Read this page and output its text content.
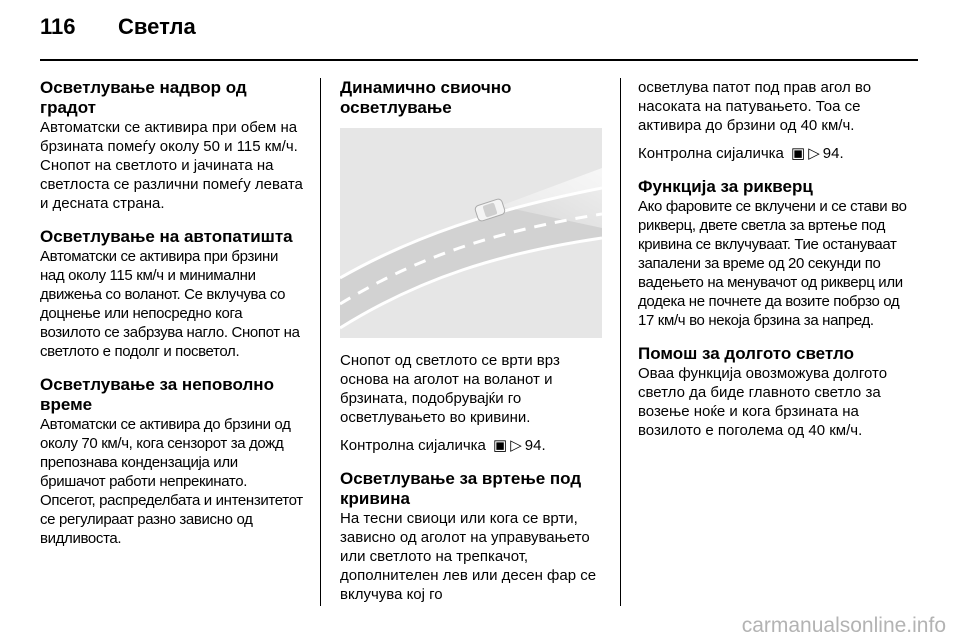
116	Светла
Осветлување надвор од градот

Автоматски се активира при обем на брзината помеѓу околу 50 и 115 км/ч. Снопот на светлото и јачината на светлоста се различни помеѓу левата и десната страна.

Осветлување на автопатишта

Автоматски се активира при брзини над околу 115 км/ч и минимални движења со воланот. Се вклучува со доцнење или непосредно кога возилото се забрзува нагло. Снопот на светлото е подолг и посветол.

Осветлување за неповолно време

Автоматски се активира до брзини од околу 70 км/ч, кога сензорот за дожд препознава кондензација или бришачот работи непрекинато. Опсегот, распределбата и интензитетот се регулираат разно зависно од видливоста.

Динамично свиочно осветлување

Снопот од светлото се врти врз основа на аголот на воланот и брзината, подобрувајќи го осветлувањето во кривини.

Контролна сијаличка  ▣ ▷ 94.

Осветлување за вртење под кривина

На тесни свиоци или кога се врти, зависно од аголот на управувањето или светлото на трепкачот, дополнителен лев или десен фар се вклучува кој го

осветлува патот под прав агол во насоката на патувањето. Тоа се активира до брзини од 40 км/ч.

Контролна сијаличка  ▣ ▷ 94.

Функција за рикверц

Ако фаровите се вклучени и се стави во рикверц, двете светла за вртење под кривина се вклучуваат. Тие остануваат запалени за време од 20 секунди по вадењето на менувачот од рикверц или додека не почнете да возите побрзо од 17 км/ч во некоја брзина за напред.

Помош за долгото светло

Оваа функција овозможува долгото светло да биде главното светло за возење ноќе и кога брзината на возилото е поголема од 40 км/ч.

carmanualsonline.info
